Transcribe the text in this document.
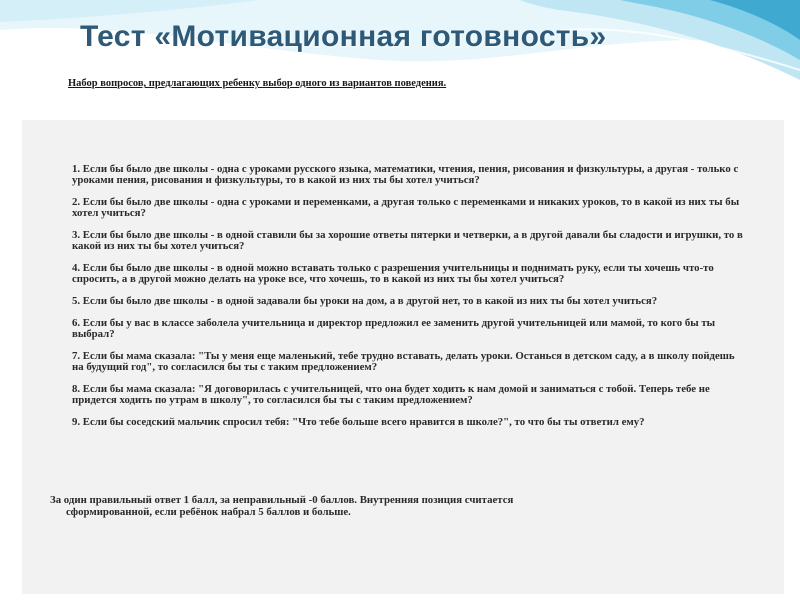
Тест «Мотивационная готовность»
Набор вопросов, предлагающих ребенку выбор одного из вариантов поведения.

1. Если бы было две школы - одна с уроками русского языка, математики, чтения, пения, рисования и физкультуры, а другая - только с уроками пения, рисования и физкультуры, то в какой из них ты бы хотел учиться?

2. Если бы было две школы - одна с уроками и переменками, а другая только с переменками и никаких уроков, то в какой из них ты бы хотел учиться?

3. Если бы было две школы - в одной ставили бы за хорошие ответы пятерки и четверки, а в другой давали бы сладости и игрушки, то в какой из них ты бы хотел учиться?

4. Если бы было две школы - в одной можно вставать только с разрешения учительницы и поднимать руку, если ты хочешь что-то спросить, а в другой можно делать на уроке все, что хочешь, то в какой из них ты бы хотел учиться?

5. Если бы было две школы - в одной задавали бы уроки на дом, а в другой нет, то в какой из них ты бы хотел учиться?

6. Если бы у вас в классе заболела учительница и директор предложил ее заменить другой учительницей или мамой, то кого бы ты выбрал?

7. Если бы мама сказала: "Ты у меня еще маленький, тебе трудно вставать, делать уроки. Останься в детском саду, а в школу пойдешь на будущий год", то согласился бы ты с таким предложением?

8. Если бы мама сказала: "Я договорилась с учительницей, что она будет ходить к нам домой и заниматься с тобой. Теперь тебе не придется ходить по утрам в школу", то согласился бы ты с таким предложением?

9. Если бы соседский мальчик спросил тебя: "Что тебе больше всего нравится в школе?", то что бы ты ответил ему?

За один правильный ответ 1 балл, за неправильный -0 баллов. Внутренняя позиция считается
сформированной, если ребёнок набрал 5 баллов и больше.
